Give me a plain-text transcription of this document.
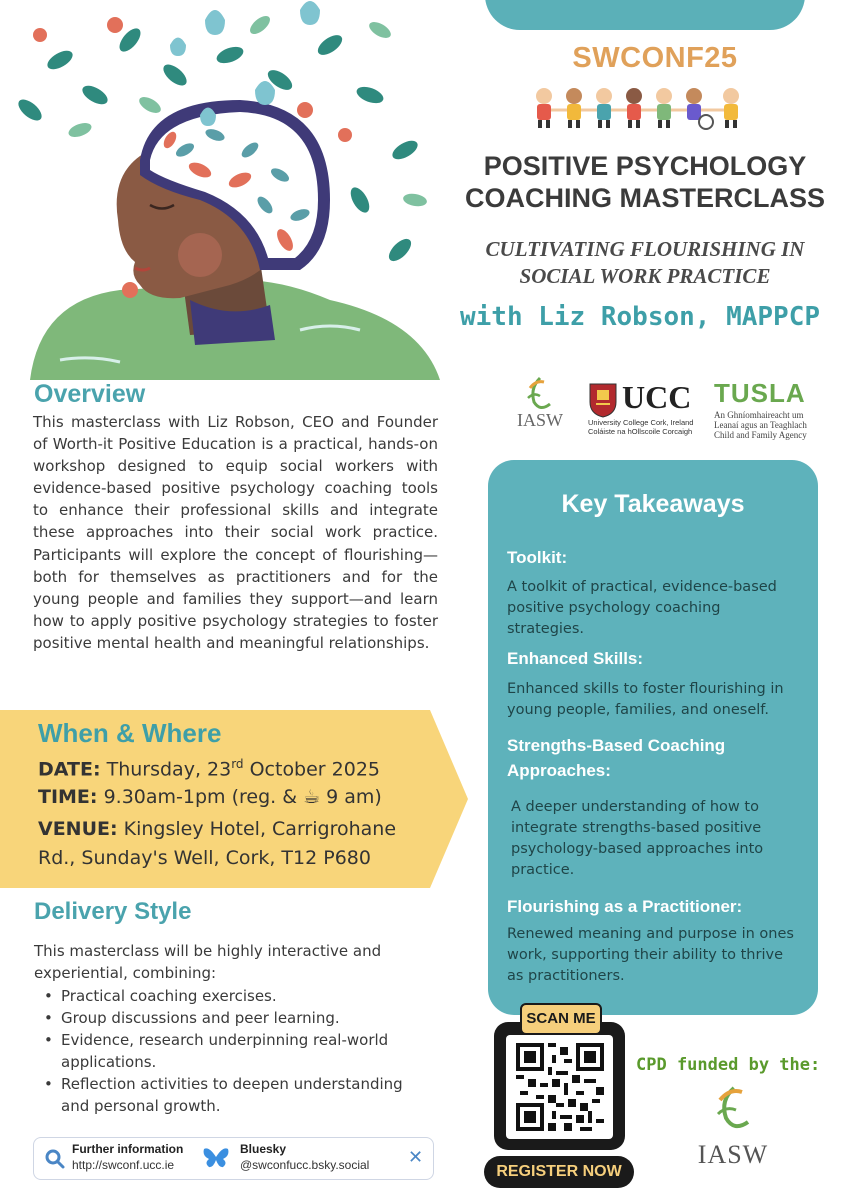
SWCONF25
POSITIVE PSYCHOLOGY
COACHING MASTERCLASS
CULTIVATING FLOURISHING IN
SOCIAL WORK PRACTICE
with Liz Robson, MAPPCP
IASW
UCC
University College Cork, Ireland
Coláiste na hOllscoile Corcaigh
TUSLA
An Ghníomhaireacht um
Leanaí agus an Teaghlach
Child and Family Agency
Overview
This masterclass with Liz Robson, CEO and Founder of Worth-it Positive Education is a practical, hands-on workshop designed to equip social workers with evidence-based positive psychology coaching tools to enhance their professional skills and integrate these approaches into their social work practice. Participants will explore the concept of flourishing—both for themselves as practitioners and for the young people and families they support—and learn how to apply positive psychology strategies to foster positive mental health and meaningful relationships.
When & Where
DATE: Thursday, 23rd October 2025
TIME: 9.30am-1pm (reg. & ☕ 9 am)
VENUE: Kingsley Hotel, Carrigrohane Rd., Sunday's Well, Cork, T12 P680
Delivery Style
This masterclass will be highly interactive and experiential, combining:
• Practical coaching exercises.
• Group discussions and peer learning.
• Evidence, research underpinning real-world applications.
• Reflection activities to deepen understanding and personal growth.
Further information
http://swconf.ucc.ie
Bluesky
@swconfucc.bsky.social ✕
Key Takeaways
Toolkit:
A toolkit of practical, evidence-based positive psychology coaching strategies.
Enhanced Skills:
Enhanced skills to foster flourishing in young people, families, and oneself.
Strengths-Based Coaching Approaches:
A deeper understanding of how to integrate strengths-based positive psychology-based approaches into practice.
Flourishing as a Practitioner:
Renewed meaning and purpose in ones work, supporting their ability to thrive as practitioners.
SCAN ME
REGISTER NOW
CPD funded by the:
IASW
